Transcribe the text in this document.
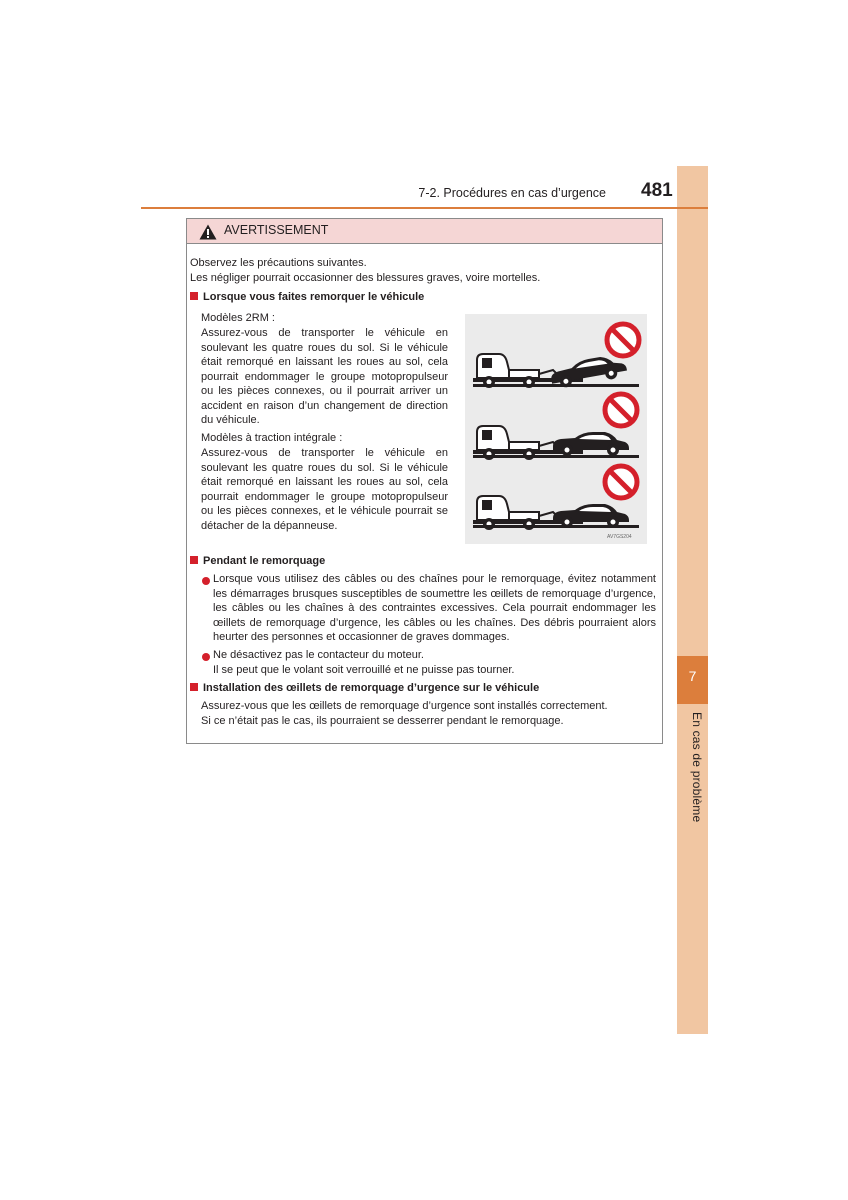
7
En cas de problème
7-2. Procédures en cas d’urgence 481
AVERTISSEMENT
Observez les précautions suivantes.
Les négliger pourrait occasionner des blessures graves, voire mortelles.
Lorsque vous faites remorquer le véhicule
Modèles 2RM :
Assurez-vous de transporter le véhicule en soulevant les quatre roues du sol. Si le véhicule était remorqué en laissant les roues au sol, cela pourrait endommager le groupe motopropulseur ou les pièces connexes, ou il pourrait arriver un accident en raison d’un changement de direction du véhicule.
Modèles à traction intégrale :
Assurez-vous de transporter le véhicule en soulevant les quatre roues du sol. Si le véhicule était remorqué en laissant les roues au sol, cela pourrait endommager le groupe motopropulseur ou les pièces connexes, et le véhicule pourrait se détacher de la dépanneuse.
AV7GS204
Pendant le remorquage
Lorsque vous utilisez des câbles ou des chaînes pour le remorquage, évitez notamment les démarrages brusques susceptibles de soumettre les œillets de remorquage d’urgence, les câbles ou les chaînes à des contraintes excessives. Cela pourrait endommager les œillets de remorquage d’urgence, les câbles ou les chaînes. Des débris pourraient alors heurter des personnes et occasionner de graves dommages.
Ne désactivez pas le contacteur du moteur.
Il se peut que le volant soit verrouillé et ne puisse pas tourner.
Installation des œillets de remorquage d’urgence sur le véhicule
Assurez-vous que les œillets de remorquage d’urgence sont installés correctement.
Si ce n’était pas le cas, ils pourraient se desserrer pendant le remorquage.
